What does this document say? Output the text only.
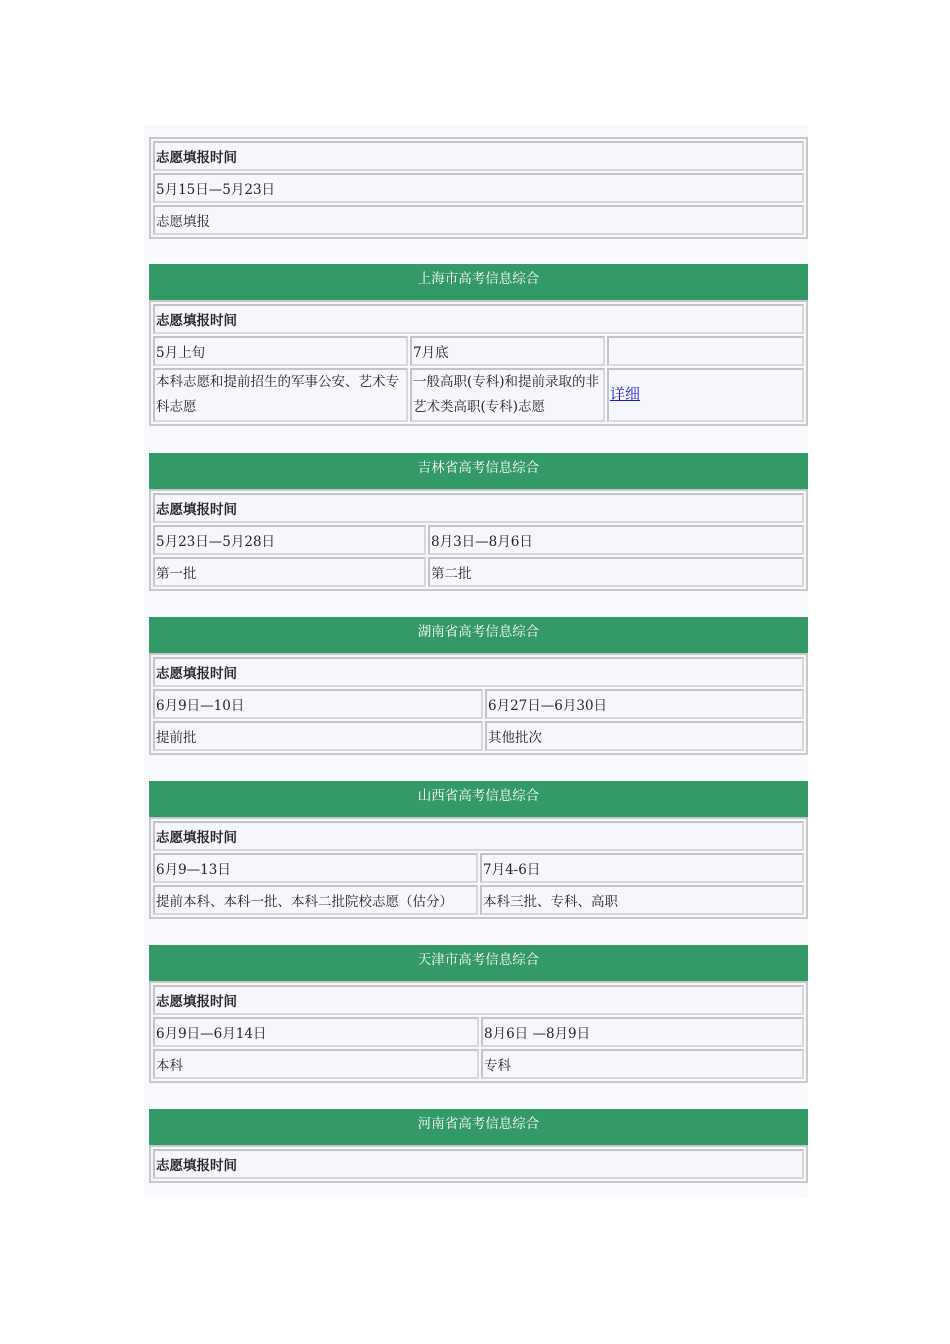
志愿填报时间
5月15日—5月23日
志愿填报
上海市高考信息综合
志愿填报时间		
5月上旬	7月底	
本科志愿和提前招生的军事公安、艺术专科志愿	一般高职(专科)和提前录取的非艺术类高职(专科)志愿	详细
吉林省高考信息综合
志愿填报时间	
5月23日—5月28日	8月3日—8月6日
第一批	第二批
湖南省高考信息综合
志愿填报时间	
6月9日—10日	6月27日—6月30日
提前批	其他批次
山西省高考信息综合
志愿填报时间	
6月9—13日	7月4-6日
提前本科、本科一批、本科二批院校志愿（估分）	本科三批、专科、高职
天津市高考信息综合
志愿填报时间	
6月9日—6月14日	8月6日 —8月9日
本科	专科
河南省高考信息综合
志愿填报时间
